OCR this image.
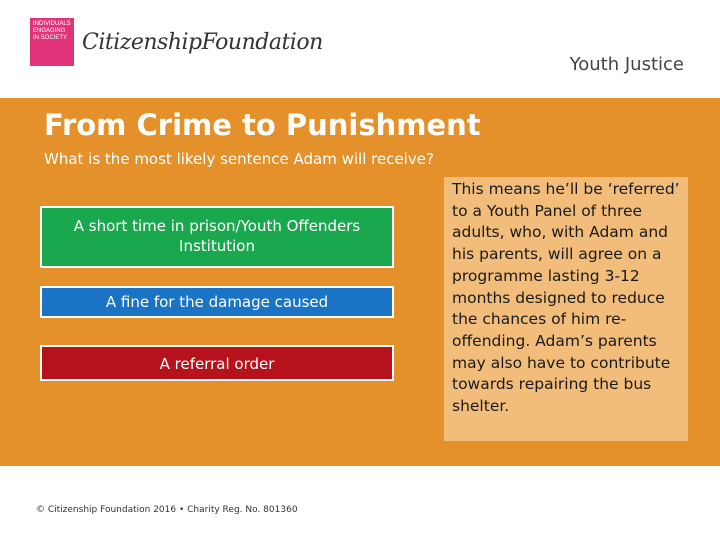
INDIVIDUALS ENGAGING IN SOCIETY CitizenshipFoundation
Youth Justice
From Crime to Punishment
What is the most likely sentence Adam will receive?
A short time in prison/Youth Offenders Institution
A fine for the damage caused
A referral order
This means he’ll be ‘referred’ to a Youth Panel of three adults, who, with Adam and his parents, will agree on a programme lasting 3-12 months designed to reduce the chances of him re-offending. Adam’s parents may also have to contribute towards repairing the bus shelter.
© Citizenship Foundation 2016 • Charity Reg. No. 801360
